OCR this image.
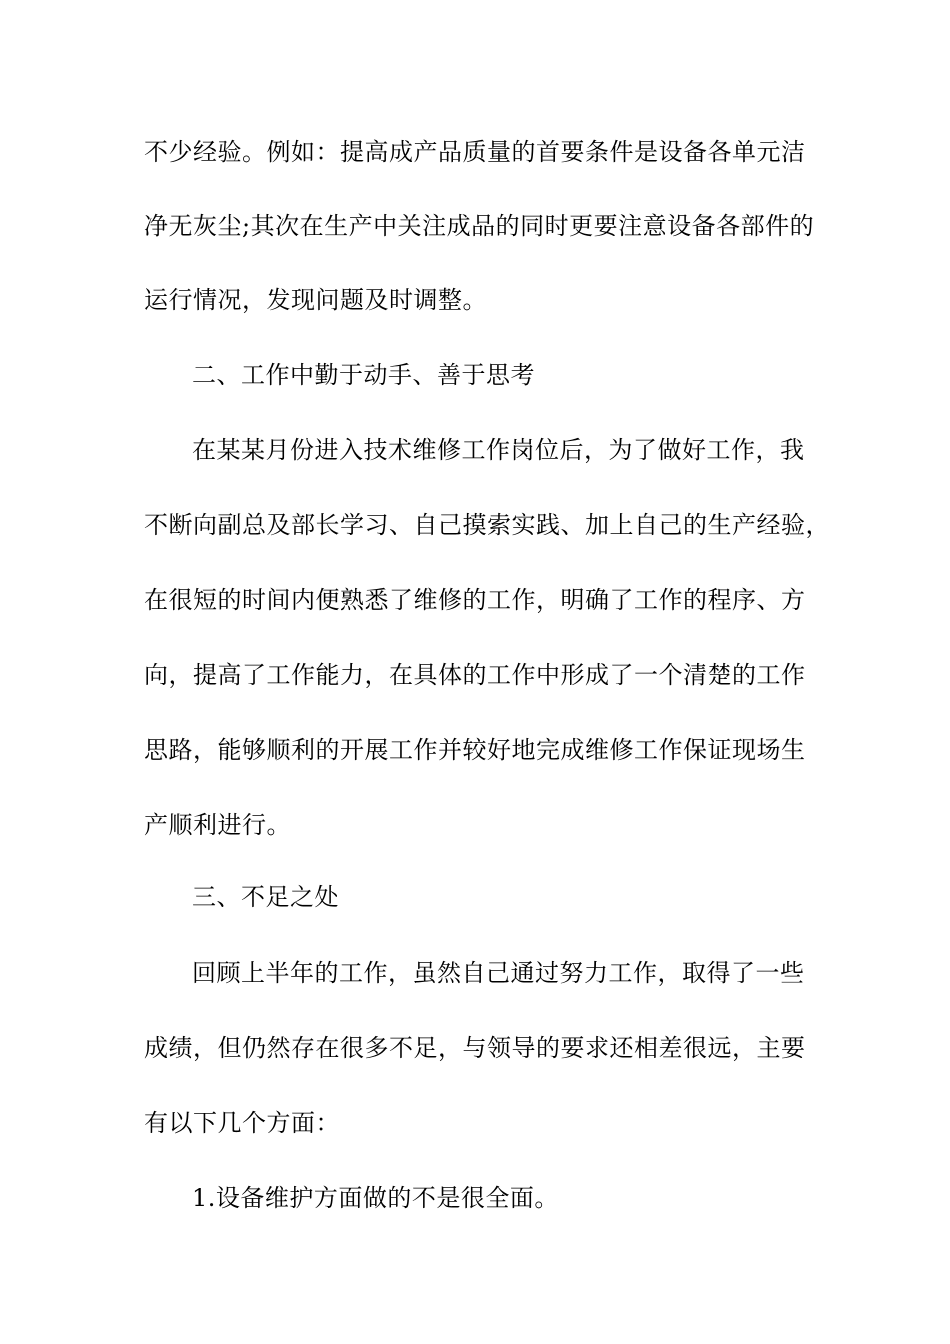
不少经验。例如：提高成产品质量的首要条件是设备各单元洁
净无灰尘;其次在生产中关注成品的同时更要注意设备各部件的
运行情况，发现问题及时调整。
二、工作中勤于动手、善于思考
在某某月份进入技术维修工作岗位后，为了做好工作，我
不断向副总及部长学习、自己摸索实践、加上自己的生产经验，
在很短的时间内便熟悉了维修的工作，明确了工作的程序、方
向，提高了工作能力，在具体的工作中形成了一个清楚的工作
思路，能够顺利的开展工作并较好地完成维修工作保证现场生
产顺利进行。
三、不足之处
回顾上半年的工作，虽然自己通过努力工作，取得了一些
成绩，但仍然存在很多不足，与领导的要求还相差很远，主要
有以下几个方面：
1.设备维护方面做的不是很全面。
